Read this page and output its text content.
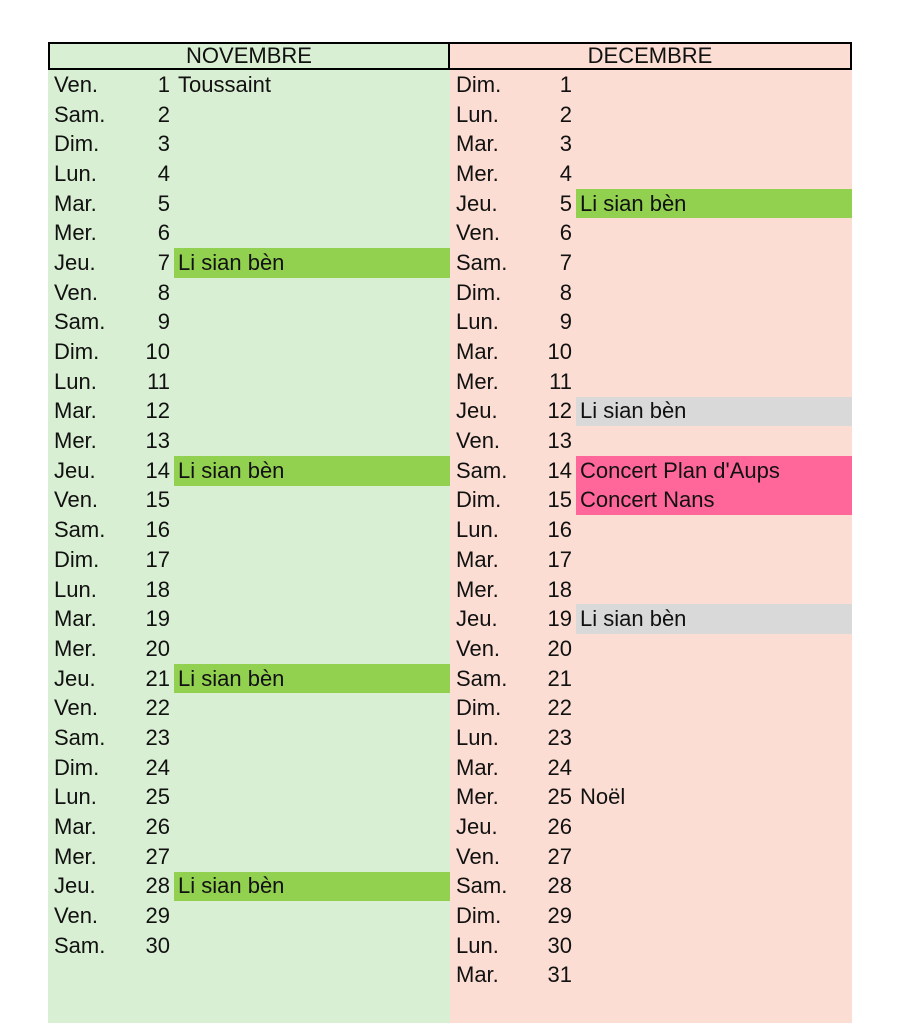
NOVEMBRE	DECEMBRE
Ven.	1 Toussaint
Sam.	2
Dim.	3
Lun.	4
Mar.	5
Mer.	6
Jeu.	7 Li sian bèn
Ven.	8
Sam.	9
Dim.	10
Lun.	11
Mar.	12
Mer.	13
Jeu.	14 Li sian bèn
Ven.	15
Sam.	16
Dim.	17
Lun.	18
Mar.	19
Mer.	20
Jeu.	21 Li sian bèn
Ven.	22
Sam.	23
Dim.	24
Lun.	25
Mar.	26
Mer.	27
Jeu.	28 Li sian bèn
Ven.	29
Sam.	30
Dim.	1
Lun.	2
Mar.	3
Mer.	4
Jeu.	5 Li sian bèn
Ven.	6
Sam.	7
Dim.	8
Lun.	9
Mar.	10
Mer.	11
Jeu.	12 Li sian bèn
Ven.	13
Sam.	14 Concert Plan d'Aups
Dim.	15 Concert Nans
Lun.	16
Mar.	17
Mer.	18
Jeu.	19 Li sian bèn
Ven.	20
Sam.	21
Dim.	22
Lun.	23
Mar.	24
Mer.	25 Noël
Jeu.	26
Ven.	27
Sam.	28
Dim.	29
Lun.	30
Mar.	31
